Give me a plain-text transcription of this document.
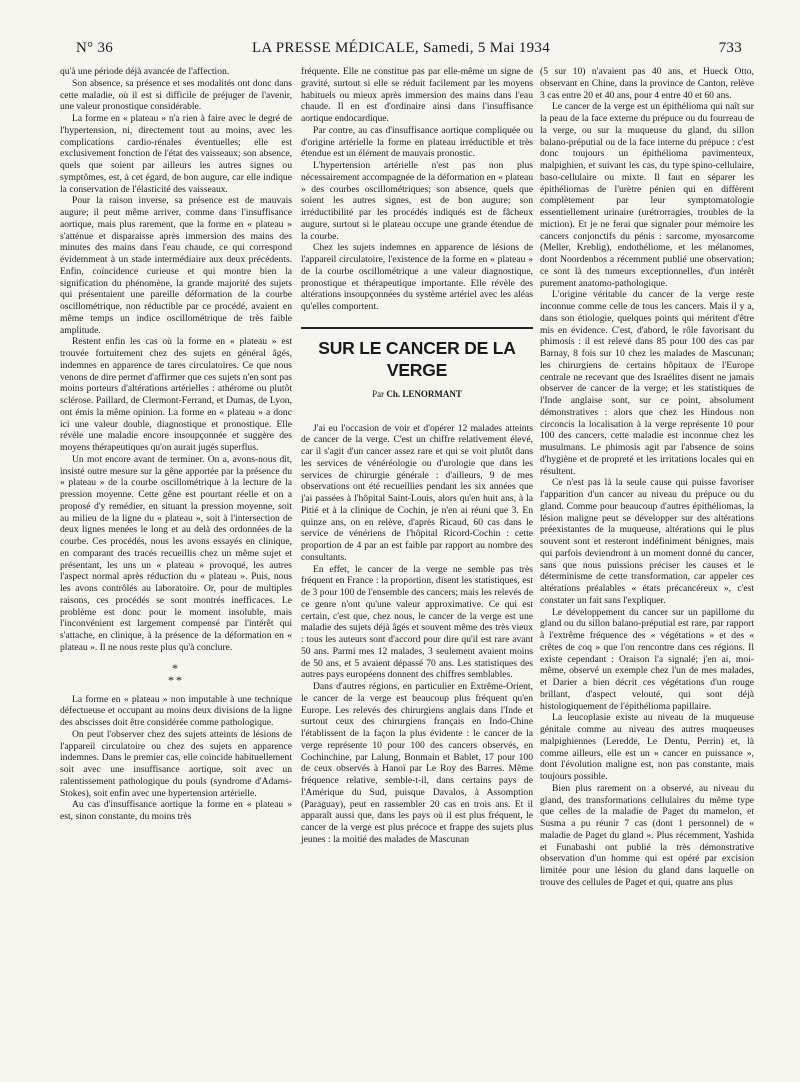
N° 36	LA PRESSE MÉDICALE, Samedi, 5 Mai 1934	733

qu'à une période déjà avancée de l'affection.

Son absence, sa présence et ses modalités ont donc dans cette maladie, où il est si difficile de préjuger de l'avenir, une valeur pronostique considérable.

La forme en « plateau » n'a rien à faire avec le degré de l'hypertension, ni, directement tout au moins, avec les complications cardio-rénales éventuelles; elle est exclusivement fonction de l'état des vaisseaux; son absence, quels que soient par ailleurs les autres signes ou symptômes, est, à cet égard, de bon augure, car elle indique la conservation de l'élasticité des vaisseaux.

Pour la raison inverse, sa présence est de mauvais augure; il peut même arriver, comme dans l'insuffisance aortique, mais plus rarement, que la forme en « plateau » s'atténue et disparaisse après immersion des mains des minutes des mains dans l'eau chaude, ce qui correspond évidemment à un stade intermédiaire aux deux précédents. Enfin, coïncidence curieuse et qui montre bien la signification du phénomène, la grande majorité des sujets qui présentaient une pareille déformation de la courbe oscillométrique, non réductible par ce procédé, avaient en même temps un indice oscillométrique de très faible amplitude.

Restent enfin les cas où la forme en « plateau » est trouvée fortuitement chez des sujets en général âgés, indemnes en apparence de tares circulatoires. Ce que nous venons de dire permet d'affirmer que ces sujets n'en sont pas moins porteurs d'altérations artérielles : athérome ou plutôt sclérose. Paillard, de Clermont-Ferrand, et Dumas, de Lyon, ont émis la même opinion. La forme en « plateau » a donc ici une valeur double, diagnostique et pronostique. Elle révèle une maladie encore insoupçonnée et suggère des moyens thérapeutiques qu'on aurait jugés superflus.

Un mot encore avant de terminer. On a, avons-nous dit, insisté outre mesure sur la gêne apportée par la présence du « plateau » de la courbe oscillométrique à la lecture de la pression moyenne. Cette gêne est pourtant réelle et on a proposé d'y remédier, en situant la pression moyenne, soit au milieu de la ligne du « plateau », soit à l'intersection de deux lignes menées le long et au delà des ordonnées de la courbe. Ces procédés, nous les avons essayés en clinique, en comparant des tracés recueillis chez un même sujet et présentant, les uns un « plateau » provoqué, les autres l'aspect normal après réduction du « plateau ». Puis, nous les avons contrôlés au laboratoire. Or, pour de multiples raisons, ces procédés se sont montrés inefficaces. Le problème est donc pour le moment insoluble, mais l'inconvénient est largement compensé par l'intérêt qui s'attache, en clinique, à la présence de la déformation en « plateau ». Il ne nous reste plus qu'à conclure.

*
**

La forme en « plateau » non imputable à une technique défectueuse et occupant au moins deux divisions de la ligne des abscisses doit être considérée comme pathologique.

On peut l'observer chez des sujets atteints de lésions de l'appareil circulatoire ou chez des sujets en apparence indemnes. Dans le premier cas, elle coïncide habituellement soit avec une insuffisance aortique, soit avec un ralentissement pathologique du pouls (syndrome d'Adams-Stokes), soit enfin avec une hypertension artérielle.

Au cas d'insuffisance aortique la forme en « plateau » est, sinon constante, du moins très

fréquente. Elle ne constitue pas par elle-même un signe de gravité, surtout si elle se réduit facilement par les moyens habituels ou mieux après immersion des mains dans l'eau chaude. Il en est d'ordinaire ainsi dans l'insuffisance aortique endocardique.

Par contre, au cas d'insuffisance aortique compliquée ou d'origine artérielle la forme en plateau irréductible et très étendue est un élément de mauvais pronostic.

L'hypertension artérielle n'est pas non plus nécessairement accompagnée de la déformation en « plateau » des courbes oscillométriques; son absence, quels que soient les autres signes, est de bon augure; son irréductibilité par les procédés indiqués est de fâcheux augure, surtout si le plateau occupe une grande étendue de la courbe.

Chez les sujets indemnes en apparence de lésions de l'appareil circulatoire, l'existence de la forme en « plateau » de la courbe oscillométrique a une valeur diagnostique, pronostique et thérapeutique importante. Elle révèle des altérations insoupçonnées du système artériel avec les aléas qu'elles comportent.

SUR LE CANCER DE LA VERGE
Par Ch. LENORMANT

J'ai eu l'occasion de voir et d'opérer 12 malades atteints de cancer de la verge. C'est un chiffre relativement élevé, car il s'agit d'un cancer assez rare et qui se voit plutôt dans les services de vénéréologie ou d'urologie que dans les services de chirurgie générale : d'ailleurs, 9 de mes observations ont été recueillies pendant les six années que j'ai passées à l'hôpital Saint-Louis, alors qu'en huit ans, à la Pitié et à la clinique de Cochin, je n'en ai réuni que 3. En quinze ans, on en relève, d'après Ricaud, 60 cas dans le service de vénériens de l'hôpital Ricord-Cochin : cette proportion de 4 par an est faible par rapport au nombre des consultants.

En effet, le cancer de la verge ne semble pas très fréquent en France : la proportion, disent les statistiques, est de 3 pour 100 de l'ensemble des cancers; mais les relevés de ce genre n'ont qu'une valeur approximative. Ce qui est certain, c'est que, chez nous, le cancer de la verge est une maladie des sujets déjà âgés et souvent même des très vieux : tous les auteurs sont d'accord pour dire qu'il est rare avant 50 ans. Parmi mes 12 malades, 3 seulement avaient moins de 50 ans, et 5 avaient dépassé 70 ans. Les statistiques des autres pays européens donnent des chiffres semblables.

Dans d'autres régions, en particulier en Extrême-Orient, le cancer de la verge est beaucoup plus fréquent qu'en Europe. Les relevés des chirurgiens anglais dans l'Inde et surtout ceux des chirurgiens français en Indo-Chine l'établissent de la façon la plus évidente : le cancer de la verge représente 10 pour 100 des cancers observés, en Cochinchine, par Lalung, Bonmain et Bablet, 17 pour 100 de ceux observés à Hanoï par Le Roy des Barres. Même fréquence relative, semble-t-il, dans certains pays de l'Amérique du Sud, puisque Davalos, à Assomption (Paraguay), peut en rassembler 20 cas en trois ans. Et il apparaît aussi que, dans les pays où il est plus fréquent, le cancer de la verge est plus précoce et frappe des sujets plus jeunes : la moitié des malades de Mascunan

(5 sur 10) n'avaient pas 40 ans, et Hueck Otto, observant en Chine, dans la province de Canton, relève 3 cas entre 20 et 40 ans, pour 4 entre 40 et 60 ans.

Le cancer de la verge est un épithélioma qui naît sur la peau de la face externe du prépuce ou du fourreau de la verge, ou sur la muqueuse du gland, du sillon balano-préputial ou de la face interne du prépuce : c'est donc toujours un épithélioma pavimenteux, malpighien, et suivant les cas, du type spino-cellulaire, baso-cellulaire ou mixte. Il faut en séparer les épithéliomas de l'urètre pénien qui en diffèrent complètement par leur symptomatologie essentiellement urinaire (urétrorragies, troubles de la miction). Et je ne ferai que signaler pour mémoire les cancers conjonctifs du pénis : sarcome, myosarcome (Meller, Kreblig), endothéliome, et les mélanomes, dont Noordenbos a récemment publié une observation; ce sont là des tumeurs exceptionnelles, d'un intérêt purement anatomo-pathologique.

L'origine véritable du cancer de la verge reste inconnue comme celle de tous les cancers. Mais il y a, dans son étiologie, quelques points qui méritent d'être mis en évidence. C'est, d'abord, le rôle favorisant du phimosis : il est relevé dans 85 pour 100 des cas par Barnay, 8 fois sur 10 chez les malades de Mascunan; les chirurgiens de certains hôpitaux de l'Europe centrale ne recevant que des Israélites disent ne jamais observer de cancer de la verge; et les statistiques de l'Inde anglaise sont, sur ce point, absolument démonstratives : alors que chez les Hindous non circoncis la localisation à la verge représente 10 pour 100 des cancers, cette maladie est inconnue chez les musulmans. Le phimosis agit par l'absence de soins d'hygiène et de propreté et les irritations locales qui en résultent.

Ce n'est pas là la seule cause qui puisse favoriser l'apparition d'un cancer au niveau du prépuce ou du gland. Comme pour beaucoup d'autres épithéliomas, la lésion maligne peut se développer sur des altérations préexistantes de la muqueuse, altérations qui le plus souvent sont et resteront indéfiniment bénignes, mais qui parfois deviendront à un moment donné du cancer, sans que nous puissions préciser les causes et le déterminisme de cette transformation, car appeler ces altérations préalables « états précancéreux », c'est constater un fait sans l'expliquer.

Le développement du cancer sur un papillome du gland ou du sillon balano-préputial est rare, par rapport à l'extrême fréquence des « végétations » et des « crêtes de coq » que l'on rencontre dans ces régions. Il existe cependant : Oraison l'a signalé; j'en ai, moi-même, observé un exemple chez l'un de mes malades, et Darier a bien décrit ces végétations d'un rouge brillant, d'aspect velouté, qui sont déjà histologiquement de l'épithélioma papillaire.

La leucoplasie existe au niveau de la muqueuse génitale comme au niveau des autres muqueuses malpighiennes (Leredde, Le Dentu, Perrin) et, là comme ailleurs, elle est un « cancer en puissance », dont l'évolution maligne est, non pas constante, mais toujours possible.

Bien plus rarement on a observé, au niveau du gland, des transformations cellulaires du même type que celles de la maladie de Paget du mamelon, et Susma a pu réunir 7 cas (dont 1 personnel) de « maladie de Paget du gland ». Plus récemment, Yashida et Funabashi ont publié la très démonstrative observation d'un homme qui est opéré par excision limitée pour une lésion du gland dans laquelle on trouve des cellules de Paget et qui, quatre ans plus
